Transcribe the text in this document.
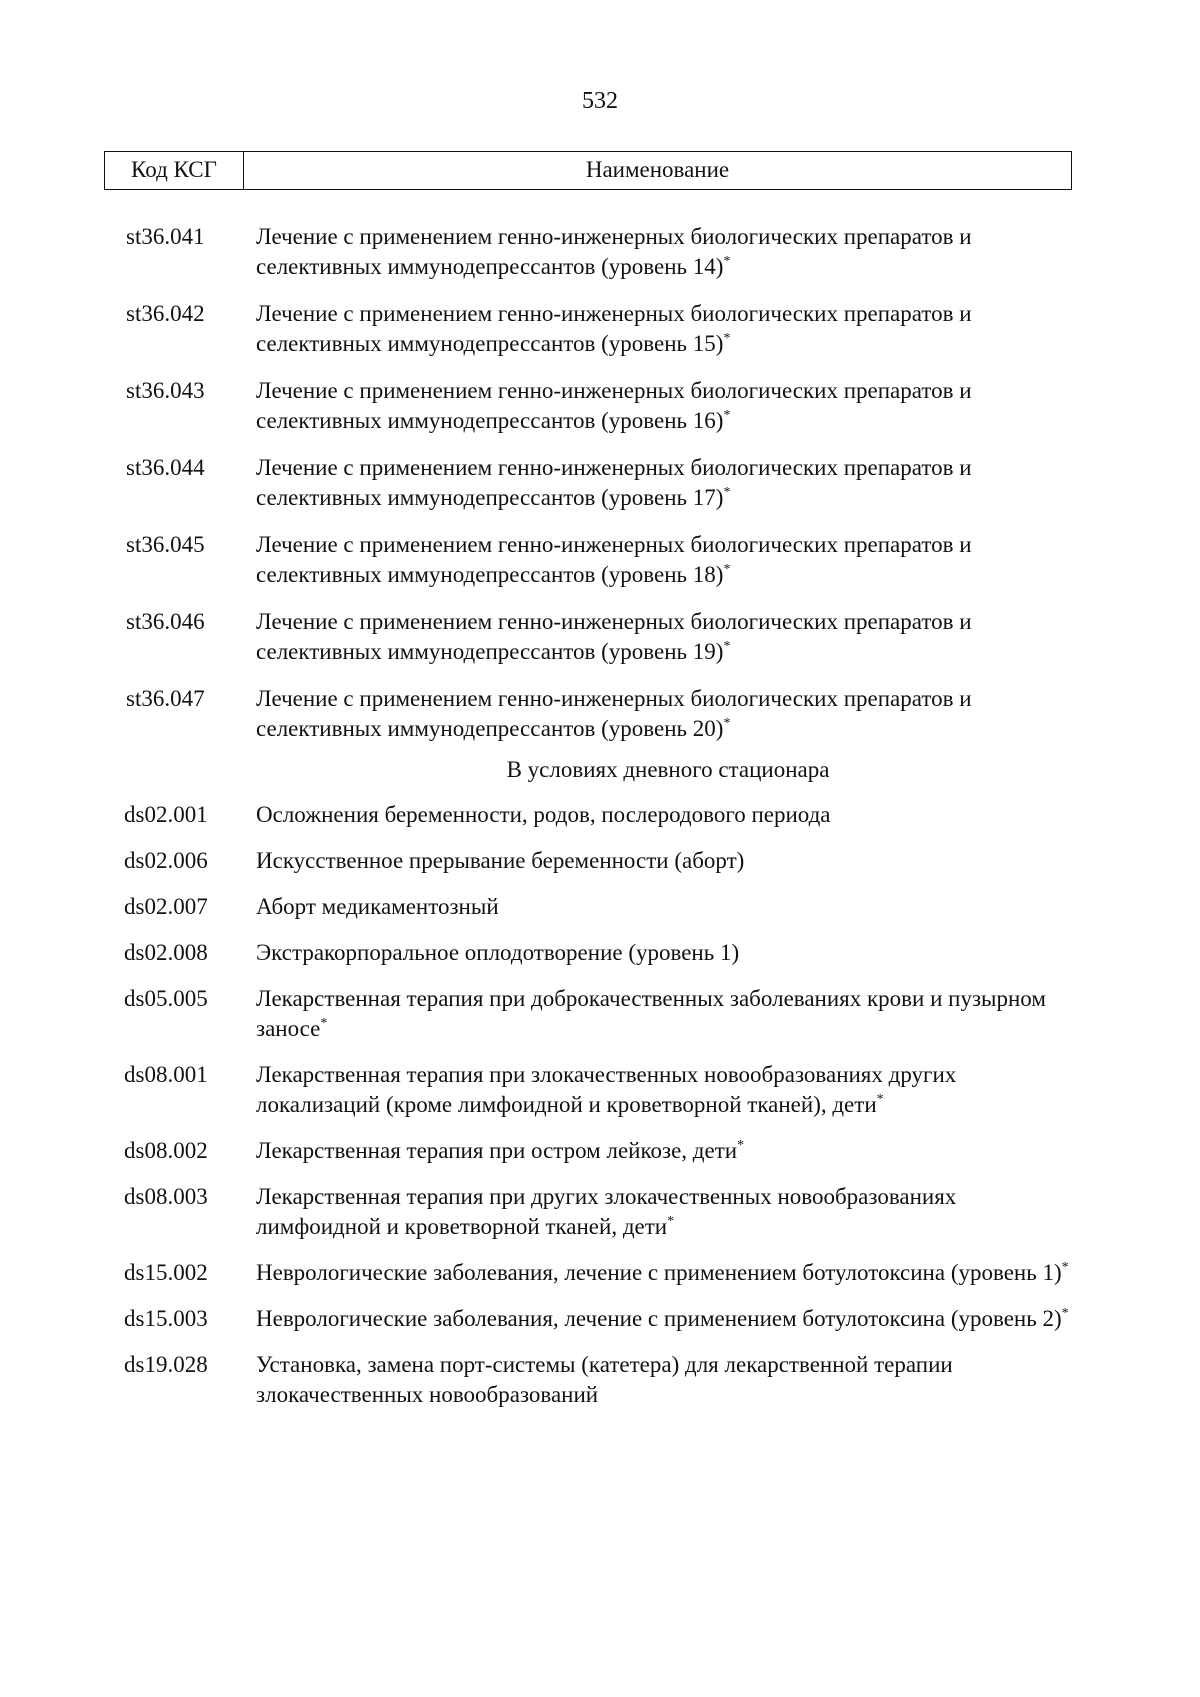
532
Код КСГ	Наименование
st36.041 Лечение с применением генно-инженерных биологических препаратов и селективных иммунодепрессантов (уровень 14)*
st36.042 Лечение с применением генно-инженерных биологических препаратов и селективных иммунодепрессантов (уровень 15)*
st36.043 Лечение с применением генно-инженерных биологических препаратов и селективных иммунодепрессантов (уровень 16)*
st36.044 Лечение с применением генно-инженерных биологических препаратов и селективных иммунодепрессантов (уровень 17)*
st36.045 Лечение с применением генно-инженерных биологических препаратов и селективных иммунодепрессантов (уровень 18)*
st36.046 Лечение с применением генно-инженерных биологических препаратов и селективных иммунодепрессантов (уровень 19)*
st36.047 Лечение с применением генно-инженерных биологических препаратов и селективных иммунодепрессантов (уровень 20)*
В условиях дневного стационара
ds02.001 Осложнения беременности, родов, послеродового периода
ds02.006 Искусственное прерывание беременности (аборт)
ds02.007 Аборт медикаментозный
ds02.008 Экстракорпоральное оплодотворение (уровень 1)
ds05.005 Лекарственная терапия при доброкачественных заболеваниях крови и пузырном заносе*
ds08.001 Лекарственная терапия при злокачественных новообразованиях других локализаций (кроме лимфоидной и кроветворной тканей), дети*
ds08.002 Лекарственная терапия при остром лейкозе, дети*
ds08.003 Лекарственная терапия при других злокачественных новообразованиях лимфоидной и кроветворной тканей, дети*
ds15.002 Неврологические заболевания, лечение с применением ботулотоксина (уровень 1)*
ds15.003 Неврологические заболевания, лечение с применением ботулотоксина (уровень 2)*
ds19.028 Установка, замена порт-системы (катетера) для лекарственной терапии злокачественных новообразований
